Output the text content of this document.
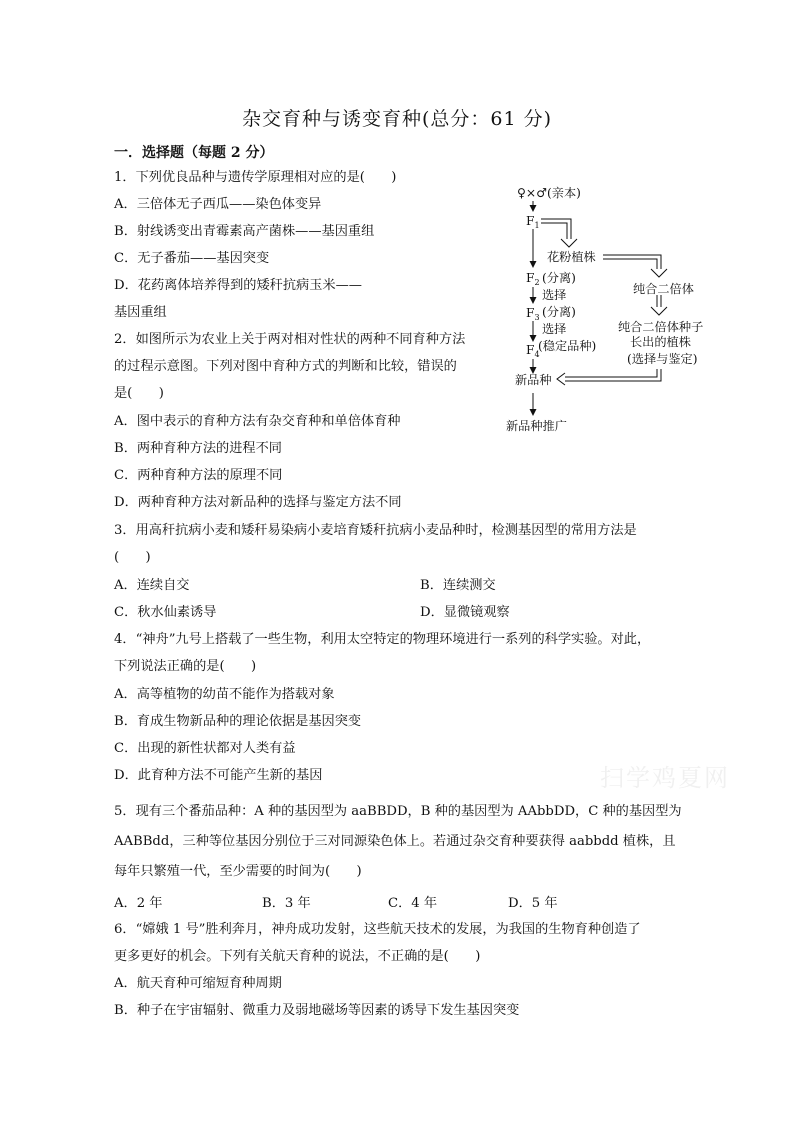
杂交育种与诱变育种(总分：61 分)
一．选择题（每题 2 分）
1．下列优良品种与遗传学原理相对应的是(　　)
A．三倍体无子西瓜——染色体变异
B．射线诱变出青霉素高产菌株——基因重组
C．无子番茄——基因突变
D．花药离体培养得到的矮秆抗病玉米——
基因重组
2．如图所示为农业上关于两对相对性状的两种不同育种方法
的过程示意图。下列对图中育种方式的判断和比较，错误的
是(　　)
A．图中表示的育种方法有杂交育种和单倍体育种
B．两种育种方法的进程不同
C．两种育种方法的原理不同
D．两种育种方法对新品种的选择与鉴定方法不同
3．用高秆抗病小麦和矮秆易染病小麦培育矮秆抗病小麦品种时，检测基因型的常用方法是
(　　)
A．连续自交	B．连续测交
C．秋水仙素诱导	D．显微镜观察
4．“神舟”九号上搭载了一些生物，利用太空特定的物理环境进行一系列的科学实验。对此，
下列说法正确的是(　　)
A．高等植物的幼苗不能作为搭载对象
B．育成生物新品种的理论依据是基因突变
C．出现的新性状都对人类有益
D．此育种方法不可能产生新的基因
5．现有三个番茄品种：A 种的基因型为 aaBBDD，B 种的基因型为 AAbbDD，C 种的基因型为
AABBdd，三种等位基因分别位于三对同源染色体上。若通过杂交育种要获得 aabbdd 植株，且
每年只繁殖一代，至少需要的时间为(　　)
A．2 年	B．3 年	C．4 年	D．5 年
6．“嫦娥 1 号”胜利奔月，神舟成功发射，这些航天技术的发展，为我国的生物育种创造了
更多更好的机会。下列有关航天育种的说法，不正确的是(　　)
A．航天育种可缩短育种周期
B．种子在宇宙辐射、微重力及弱地磁场等因素的诱导下发生基因突变
♀×♂(亲本)
$F_1$
花粉植株
$F_2$ (分离)
选择
$F_3$ (分离)
选择
$F_4$
(稳定品种)
纯合二倍体
纯合二倍体种子
长出的植株
(选择与鉴定)
新品种
新品种推广
扫学鸡夏网
